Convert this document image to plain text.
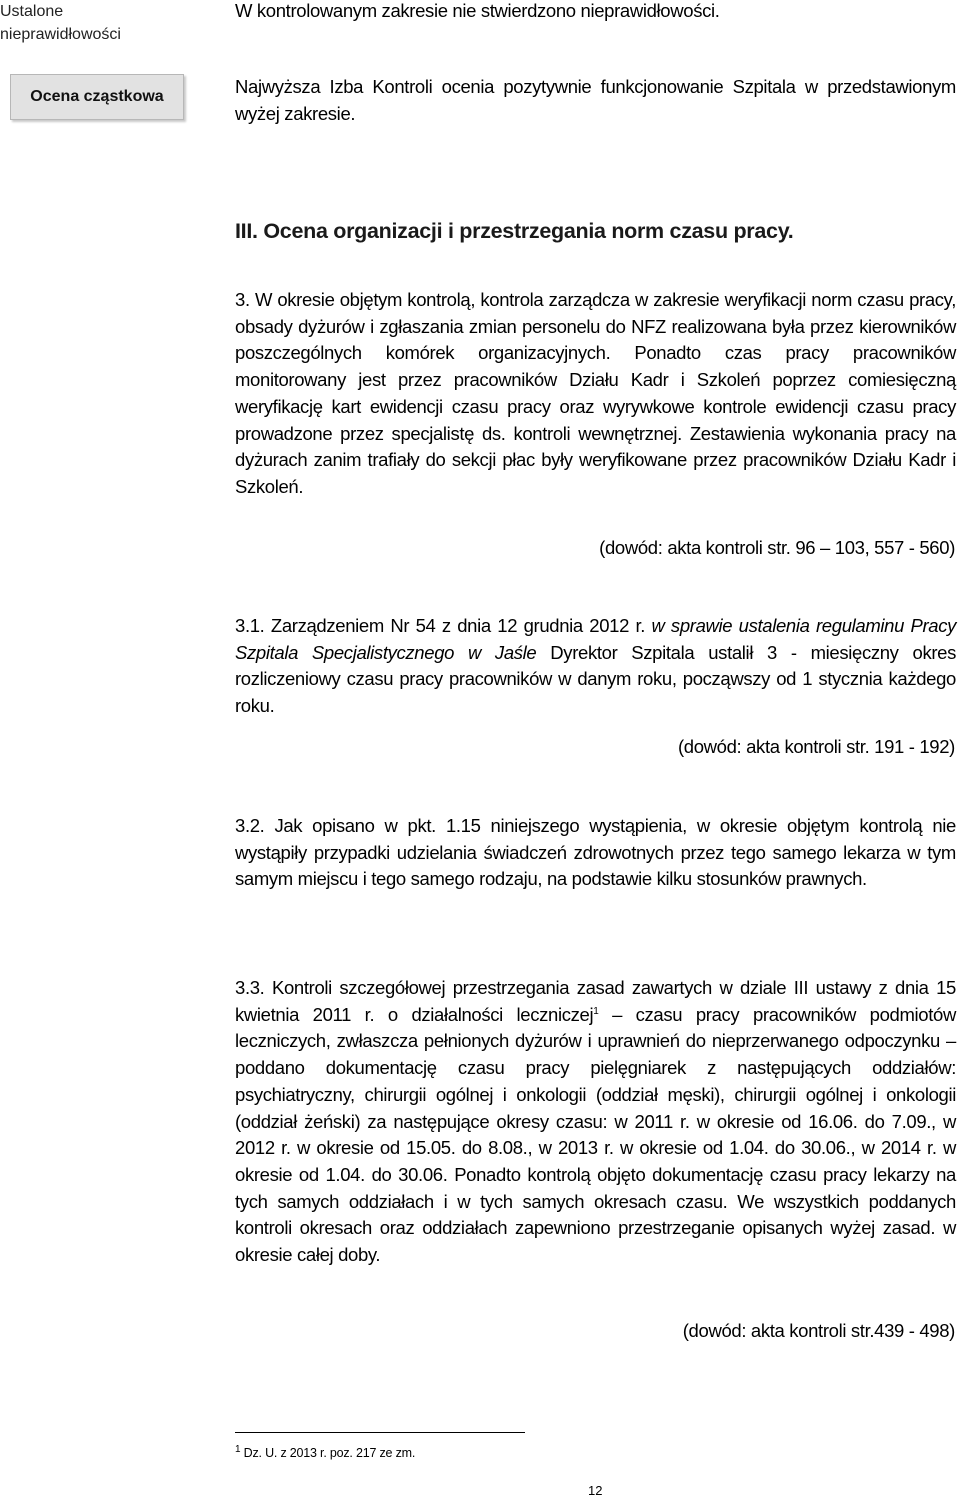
Ustalone nieprawidłowości
Ocena cząstkowa
W kontrolowanym zakresie nie stwierdzono nieprawidłowości.

Najwyższa Izba Kontroli ocenia pozytywnie funkcjonowanie Szpitala w przedstawionym wyżej zakresie.

III. Ocena organizacji i przestrzegania norm czasu pracy.

3. W okresie objętym kontrolą, kontrola zarządcza w zakresie weryfikacji norm czasu pracy, obsady dyżurów i zgłaszania zmian personelu do NFZ realizowana była przez kierowników poszczególnych komórek organizacyjnych. Ponadto czas pracy pracowników monitorowany jest przez pracowników Działu Kadr i Szkoleń poprzez comiesięczną weryfikację kart ewidencji czasu pracy oraz wyrywkowe kontrole ewidencji czasu pracy prowadzone przez specjalistę ds. kontroli wewnętrznej. Zestawienia wykonania pracy na dyżurach zanim trafiały do sekcji płac były weryfikowane przez pracowników Działu Kadr i Szkoleń.

(dowód: akta kontroli str. 96 – 103, 557 - 560)

3.1. Zarządzeniem Nr 54 z dnia 12 grudnia 2012 r. w sprawie ustalenia regulaminu Pracy Szpitala Specjalistycznego w Jaśle Dyrektor Szpitala ustalił 3 - miesięczny okres rozliczeniowy czasu pracy pracowników w danym roku, począwszy od 1 stycznia każdego roku.

(dowód: akta kontroli str. 191 - 192)

3.2. Jak opisano w pkt. 1.15 niniejszego wystąpienia, w okresie objętym kontrolą nie wystąpiły przypadki udzielania świadczeń zdrowotnych przez tego samego lekarza w tym samym miejscu i tego samego rodzaju, na podstawie kilku stosunków prawnych.

3.3. Kontroli szczegółowej przestrzegania zasad zawartych w dziale III ustawy z dnia 15 kwietnia 2011 r. o działalności leczniczej$^1$ – czasu pracy pracowników podmiotów leczniczych, zwłaszcza pełnionych dyżurów i uprawnień do nieprzerwanego odpoczynku – poddano dokumentację czasu pracy pielęgniarek z następujących oddziałów: psychiatryczny, chirurgii ogólnej i onkologii (oddział męski), chirurgii ogólnej i onkologii (oddział żeński) za następujące okresy czasu: w 2011 r. w okresie od 16.06. do 7.09., w 2012 r. w okresie od 15.05. do 8.08., w 2013 r. w okresie od 1.04. do 30.06., w 2014 r. w okresie od 1.04. do 30.06. Ponadto kontrolą objęto dokumentację czasu pracy lekarzy na tych samych oddziałach i w tych samych okresach czasu. We wszystkich poddanych kontroli okresach oraz oddziałach zapewniono przestrzeganie opisanych wyżej zasad. w okresie całej doby.

(dowód: akta kontroli str.439 - 498)
$^1$ Dz. U. z 2013 r. poz. 217 ze zm.
12
